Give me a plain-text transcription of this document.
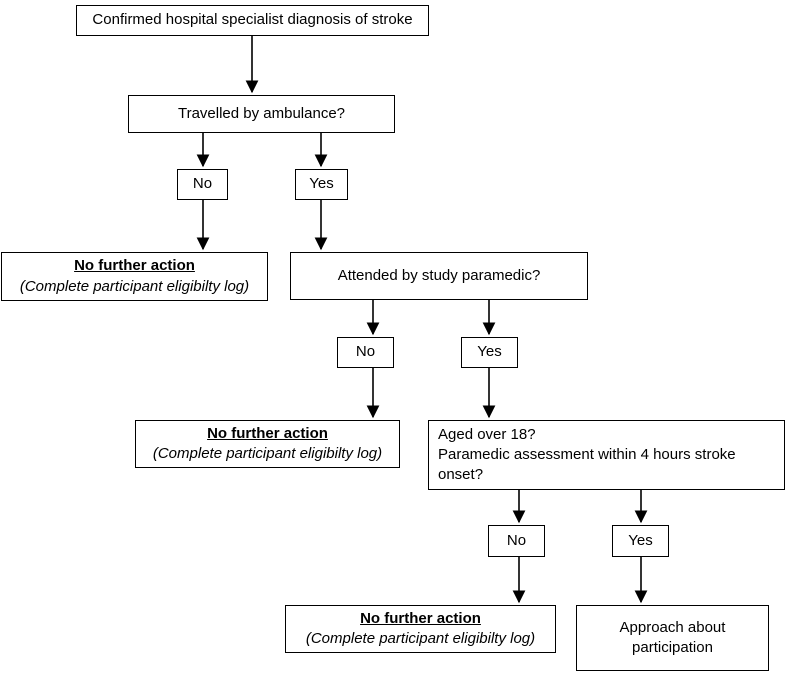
Confirmed hospital specialist diagnosis of stroke
Travelled by ambulance?
No	Yes
No further action
(Complete participant eligibilty log)
Attended by study paramedic?
No	Yes
No further action
(Complete participant eligibilty log)
Aged over 18?
Paramedic assessment within 4 hours stroke onset?
No	Yes
No further action
(Complete participant eligibilty log)
Approach about
participation
